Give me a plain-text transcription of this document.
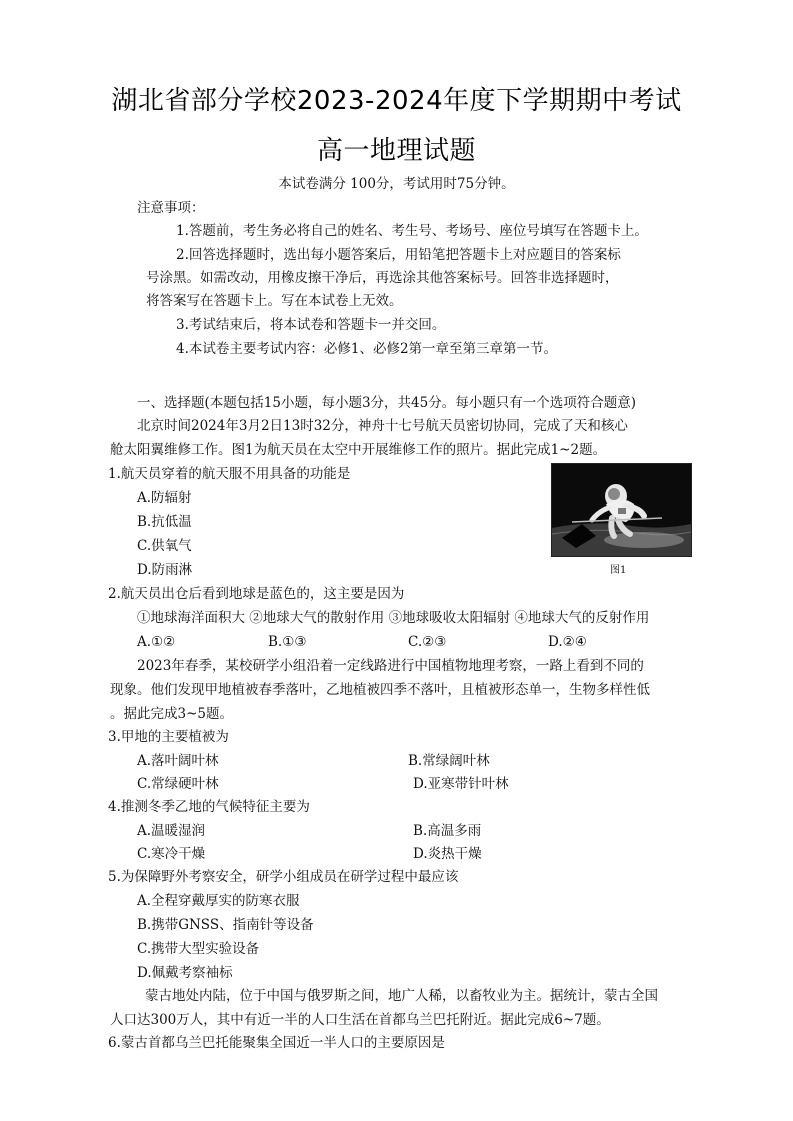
湖北省部分学校2023-2024年度下学期期中考试
高一地理试题
本试卷满分 100分，考试用时75分钟。
注意事项：
1.答题前，考生务必将自己的姓名、考生号、考场号、座位号填写在答题卡上。
2.回答选择题时，选出每小题答案后，用铅笔把答题卡上对应题目的答案标
号涂黑。如需改动，用橡皮擦干净后，再选涂其他答案标号。回答非选择题时，
将答案写在答题卡上。写在本试卷上无效。
3.考试结束后，将本试卷和答题卡一并交回。
4.本试卷主要考试内容：必修1、必修2第一章至第三章第一节。
一、选择题(本题包括15小题，每小题3分，共45分。每小题只有一个选项符合题意)
北京时间2024年3月2日13时32分，神舟十七号航天员密切协同，完成了天和核心
舱太阳翼维修工作。图1为航天员在太空中开展维修工作的照片。据此完成1~2题。
1.航天员穿着的航天服不用具备的功能是
A.防辐射
B.抗低温
C.供氧气
D.防雨淋	图1
2.航天员出仓后看到地球是蓝色的，这主要是因为
①地球海洋面积大 ②地球大气的散射作用 ③地球吸收太阳辐射 ④地球大气的反射作用
A.①②	B.①③	C.②③	D.②④
2023年春季，某校研学小组沿着一定线路进行中国植物地理考察，一路上看到不同的
现象。他们发现甲地植被春季落叶，乙地植被四季不落叶，且植被形态单一，生物多样性低
。据此完成3~5题。
3.甲地的主要植被为
A.落叶阔叶林	B.常绿阔叶林
C.常绿硬叶林	D.亚寒带针叶林
4.推测冬季乙地的气候特征主要为
A.温暖湿润	B.高温多雨
C.寒冷干燥	D.炎热干燥
5.为保障野外考察安全，研学小组成员在研学过程中最应该
A.全程穿戴厚实的防寒衣服
B.携带GNSS、指南针等设备
C.携带大型实验设备
D.佩戴考察袖标
蒙古地处内陆，位于中国与俄罗斯之间，地广人稀，以畜牧业为主。据统计，蒙古全国
人口达300万人，其中有近一半的人口生活在首都乌兰巴托附近。据此完成6~7题。
6.蒙古首都乌兰巴托能聚集全国近一半人口的主要原因是
